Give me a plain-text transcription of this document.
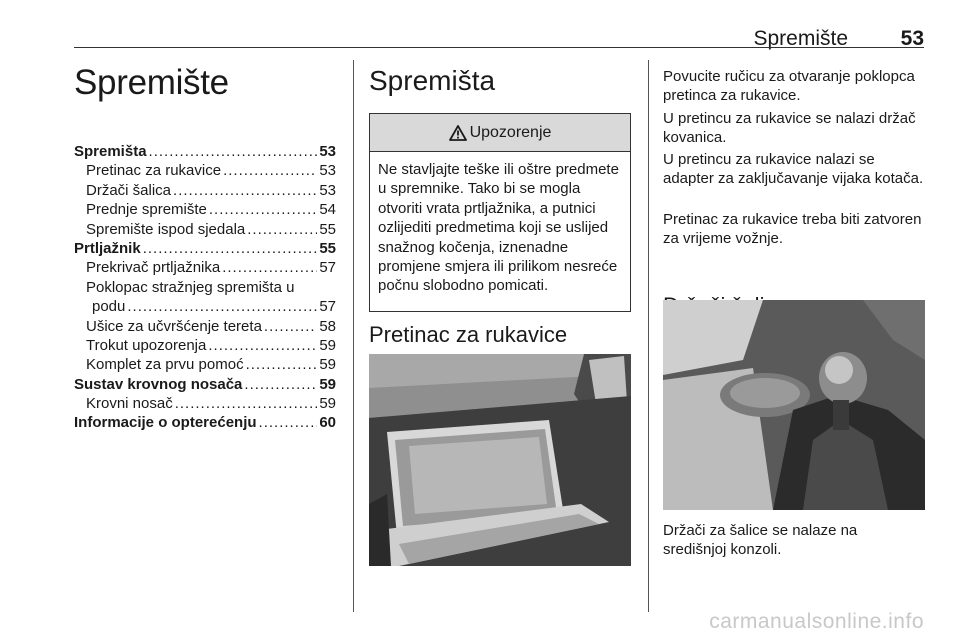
Spremište	53
Spremište
Spremišta .....	53
Pretinac za rukavice .....	53
Držači šalica .....	53
Prednje spremište .....	54
Spremište ispod sjedala .....	55
Prtljažnik .....	55
Prekrivač prtljažnika .....	57
Poklopac stražnjeg spremišta u
podu .....	57
Ušice za učvršćenje tereta .....	58
Trokut upozorenja .....	59
Komplet za prvu pomoć .....	59
Sustav krovnog nosača .....	59
Krovni nosač .....	59
Informacije o opterećenju .....	60
Spremišta
Upozorenje
Ne stavljajte teške ili oštre predmete u spremnike. Tako bi se mogla otvoriti vrata prtljažnika, a putnici ozlijediti predmetima koji se uslijed snažnog kočenja, iznenadne promjene smjera ili prilikom nesreće počnu slobodno pomicati.
Pretinac za rukavice

Povucite ručicu za otvaranje poklopca pretinca za rukavice.

U pretincu za rukavice se nalazi držač kovanica.

U pretincu za rukavice nalazi se adapter za zaključavanje vijaka kotača.

Pretinac za rukavice treba biti zatvoren za vrijeme vožnje.

Držači za šalice se nalaze na središnjoj konzoli.

carmanualsonline.info
